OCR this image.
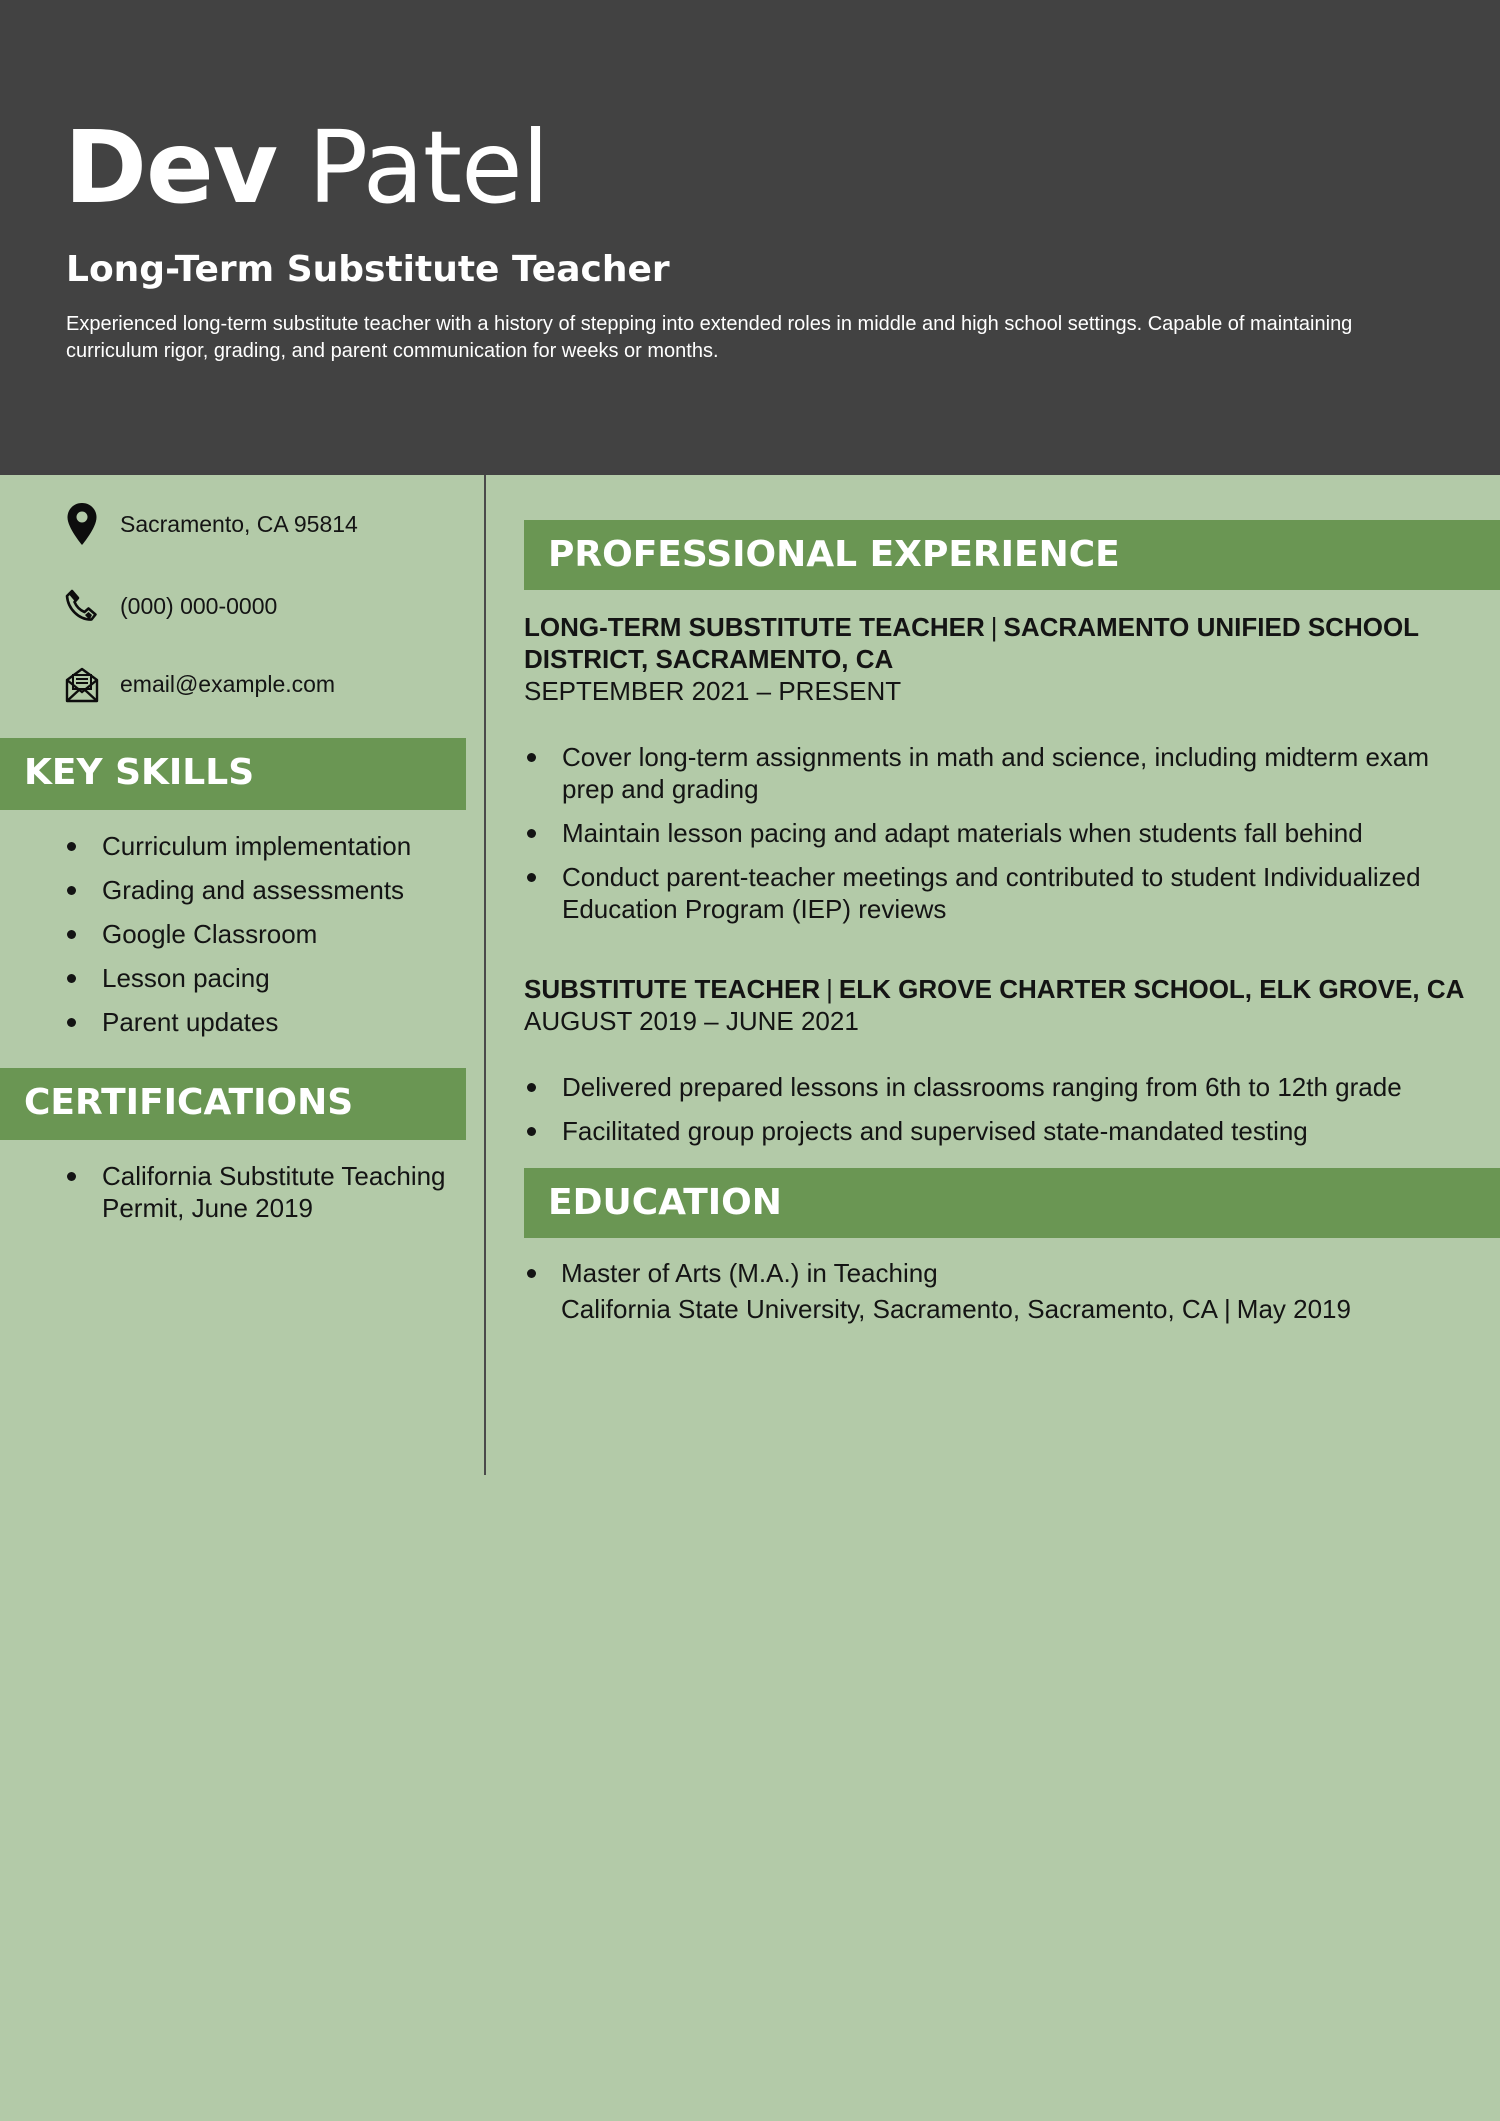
Dev Patel
Long-Term Substitute Teacher
Experienced long-term substitute teacher with a history of stepping into extended roles in middle and high school settings. Capable of maintaining curriculum rigor, grading, and parent communication for weeks or months.
Sacramento, CA 95814
(000) 000-0000
email@example.com
KEY SKILLS
Curriculum implementation
Grading and assessments
Google Classroom
Lesson pacing
Parent updates
CERTIFICATIONS
California Substitute Teaching Permit, June 2019
PROFESSIONAL EXPERIENCE
LONG-TERM SUBSTITUTE TEACHER | SACRAMENTO UNIFIED SCHOOL DISTRICT, SACRAMENTO, CA
SEPTEMBER 2021 – PRESENT
Cover long-term assignments in math and science, including midterm exam prep and grading
Maintain lesson pacing and adapt materials when students fall behind
Conduct parent-teacher meetings and contributed to student Individualized Education Program (IEP) reviews
SUBSTITUTE TEACHER | ELK GROVE CHARTER SCHOOL, ELK GROVE, CA
AUGUST 2019 – JUNE 2021
Delivered prepared lessons in classrooms ranging from 6th to 12th grade
Facilitated group projects and supervised state-mandated testing
EDUCATION
Master of Arts (M.A.) in Teaching
California State University, Sacramento, Sacramento, CA | May 2019
